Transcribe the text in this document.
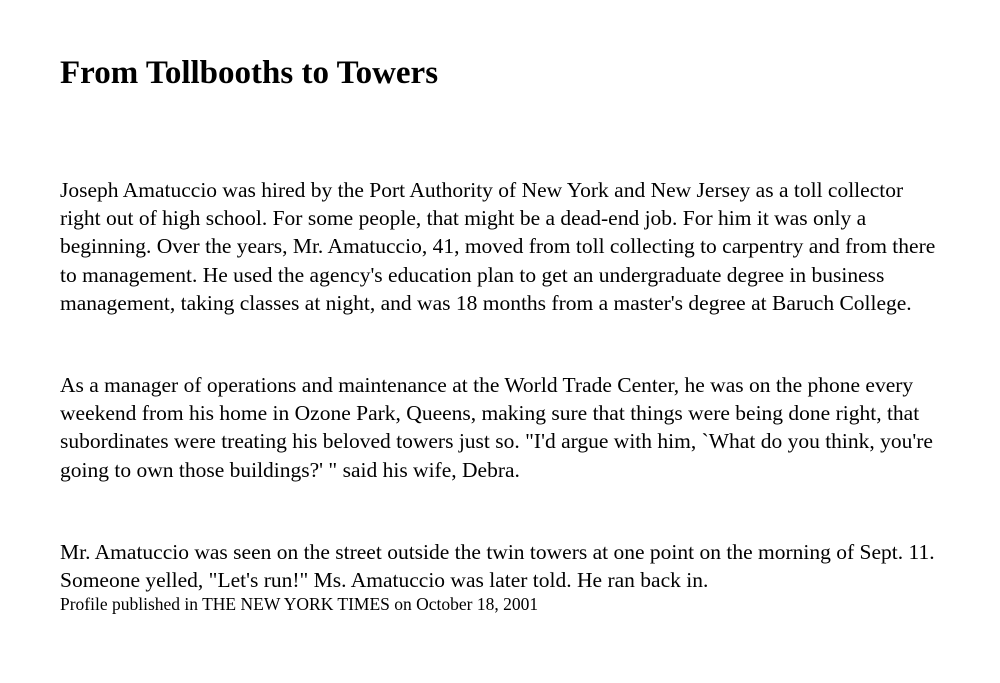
From Tollbooths to Towers

Joseph Amatuccio was hired by the Port Authority of New York and New Jersey as a toll collector right out of high school. For some people, that might be a dead-end job. For him it was only a beginning. Over the years, Mr. Amatuccio, 41, moved from toll collecting to carpentry and from there to management. He used the agency's education plan to get an undergraduate degree in business management, taking classes at night, and was 18 months from a master's degree at Baruch College.

As a manager of operations and maintenance at the World Trade Center, he was on the phone every weekend from his home in Ozone Park, Queens, making sure that things were being done right, that subordinates were treating his beloved towers just so. "I'd argue with him, `What do you think, you're going to own those buildings?' " said his wife, Debra.

Mr. Amatuccio was seen on the street outside the twin towers at one point on the morning of Sept. 11. Someone yelled, "Let's run!" Ms. Amatuccio was later told. He ran back in.

Profile published in THE NEW YORK TIMES on October 18, 2001
